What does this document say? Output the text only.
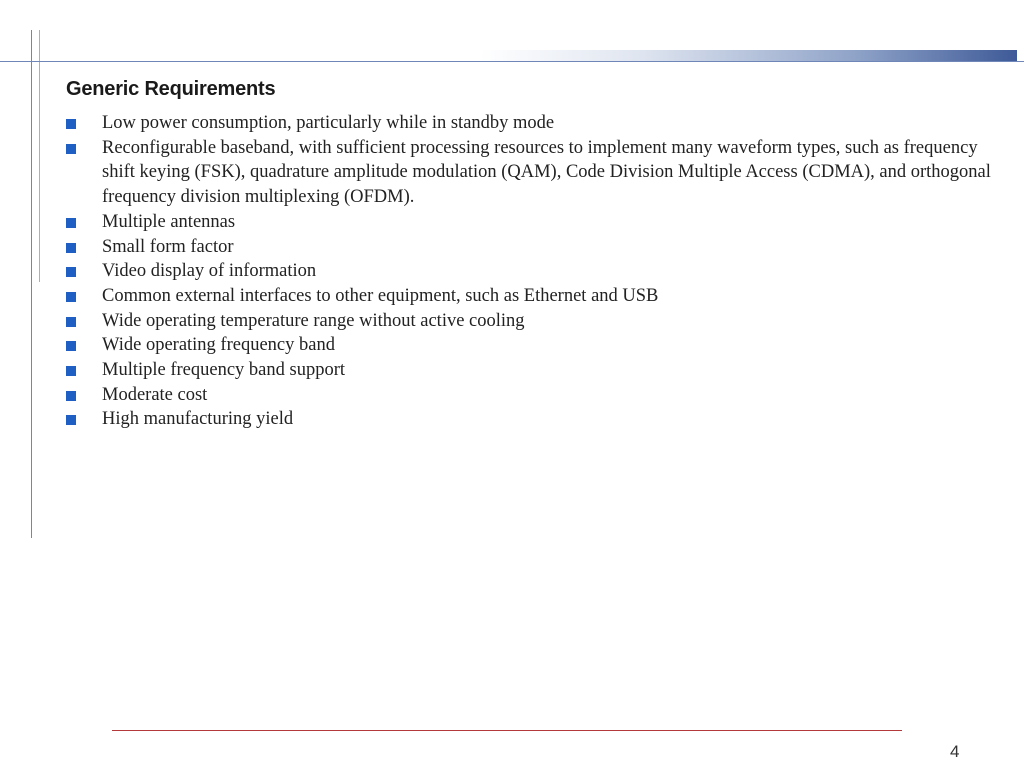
Generic Requirements
Low power consumption, particularly while in standby mode
Reconfigurable baseband, with sufficient processing resources to implement many waveform types, such as frequency shift keying (FSK), quadrature amplitude modulation (QAM), Code Division Multiple Access (CDMA), and orthogonal frequency division multiplexing (OFDM).
Multiple antennas
Small form factor
Video display of information
Common external interfaces to other equipment, such as Ethernet and USB
Wide operating temperature range without active cooling
Wide operating frequency band
Multiple frequency band support
Moderate cost
High manufacturing yield
4
